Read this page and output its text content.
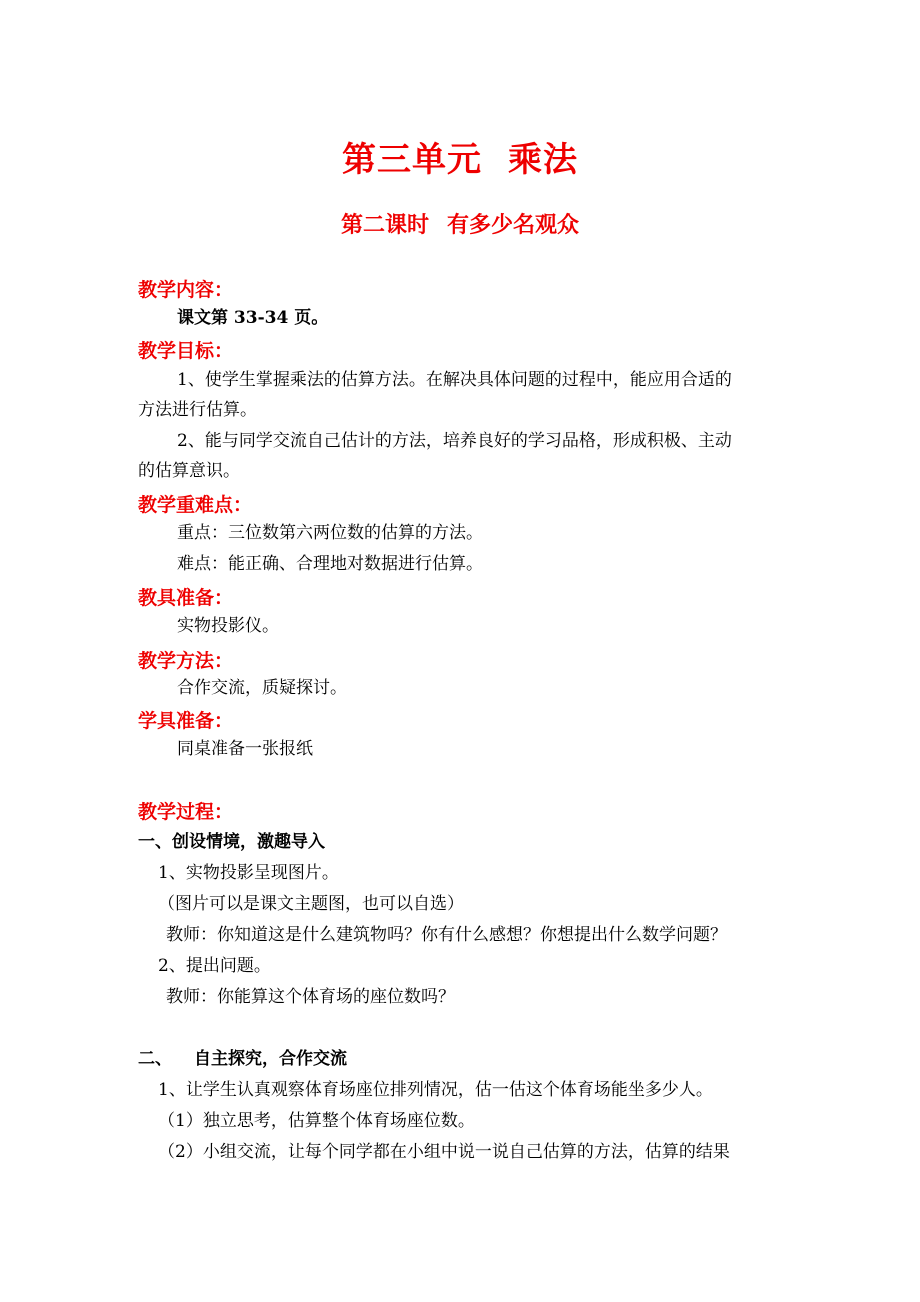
第三单元 乘法
第二课时 有多少名观众
教学内容：
课文第 33-34 页。
教学目标：
1、使学生掌握乘法的估算方法。在解决具体问题的过程中，能应用合适的
方法进行估算。
2、能与同学交流自己估计的方法，培养良好的学习品格，形成积极、主动
的估算意识。
教学重难点：
重点：三位数第六两位数的估算的方法。
难点：能正确、合理地对数据进行估算。
教具准备：
实物投影仪。
教学方法：
合作交流，质疑探讨。
学具准备：
同桌准备一张报纸
教学过程：
一、创设情境，激趣导入
1、实物投影呈现图片。
（图片可以是课文主题图，也可以自选）
教师：你知道这是什么建筑物吗？你有什么感想？你想提出什么数学问题？
2、提出问题。
教师：你能算这个体育场的座位数吗？
二、 自主探究，合作交流
1、让学生认真观察体育场座位排列情况，估一估这个体育场能坐多少人。
（1）独立思考，估算整个体育场座位数。
（2）小组交流，让每个同学都在小组中说一说自己估算的方法，估算的结果
